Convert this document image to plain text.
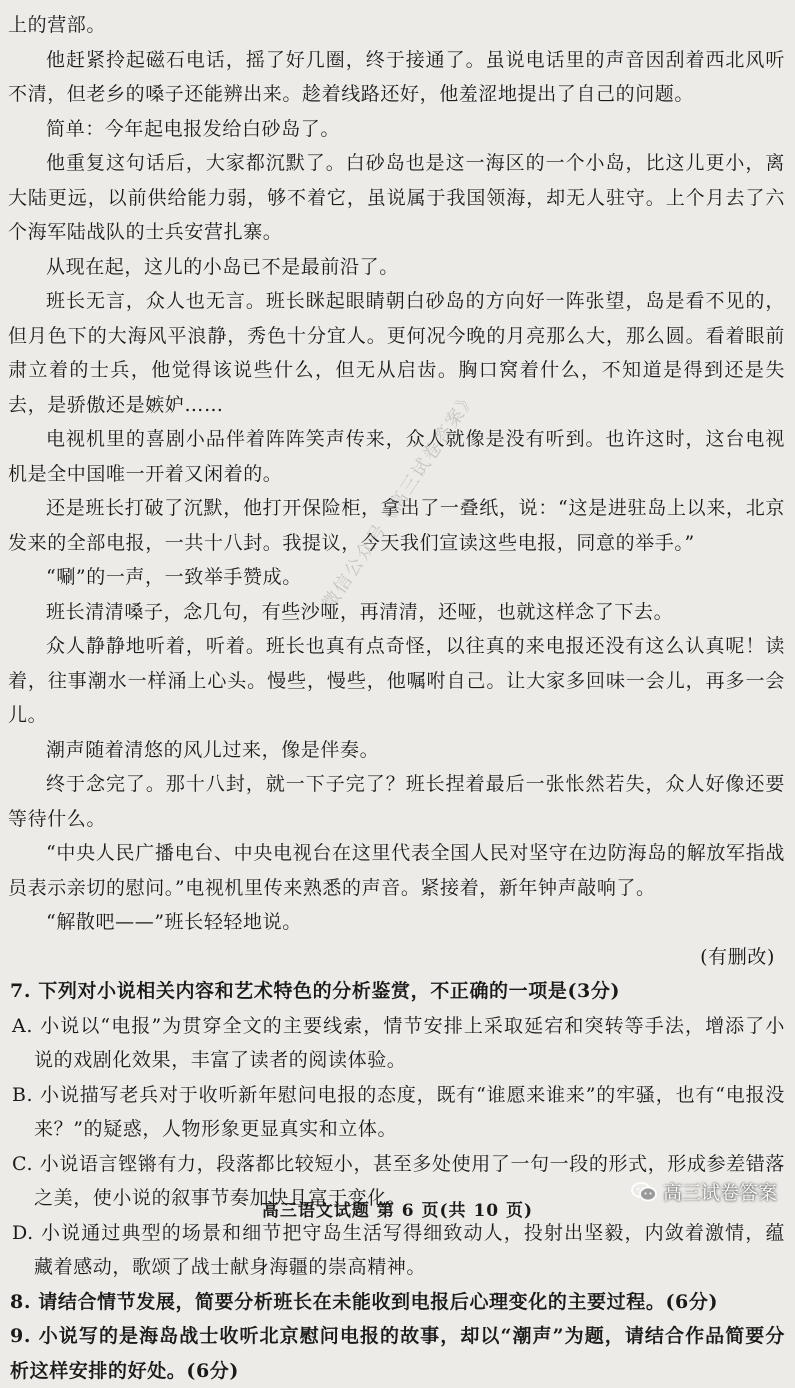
上的营部。

他赶紧拎起磁石电话，摇了好几圈，终于接通了。虽说电话里的声音因刮着西北风听不清，但老乡的嗓子还能辨出来。趁着线路还好，他羞涩地提出了自己的问题。

简单：今年起电报发给白砂岛了。

他重复这句话后，大家都沉默了。白砂岛也是这一海区的一个小岛，比这儿更小，离大陆更远，以前供给能力弱，够不着它，虽说属于我国领海，却无人驻守。上个月去了六个海军陆战队的士兵安营扎寨。

从现在起，这儿的小岛已不是最前沿了。

班长无言，众人也无言。班长眯起眼睛朝白砂岛的方向好一阵张望，岛是看不见的，但月色下的大海风平浪静，秀色十分宜人。更何况今晚的月亮那么大，那么圆。看着眼前肃立着的士兵，他觉得该说些什么，但无从启齿。胸口窝着什么，不知道是得到还是失去，是骄傲还是嫉妒……

电视机里的喜剧小品伴着阵阵笑声传来，众人就像是没有听到。也许这时，这台电视机是全中国唯一开着又闲着的。

还是班长打破了沉默，他打开保险柜，拿出了一叠纸，说：“这是进驻岛上以来，北京发来的全部电报，一共十八封。我提议，今天我们宣读这些电报，同意的举手。”

“唰”的一声，一致举手赞成。

班长清清嗓子，念几句，有些沙哑，再清清，还哑，也就这样念了下去。

众人静静地听着，听着。班长也真有点奇怪，以往真的来电报还没有这么认真呢！读着，往事潮水一样涌上心头。慢些，慢些，他嘱咐自己。让大家多回味一会儿，再多一会儿。

潮声随着清悠的风儿过来，像是伴奏。

终于念完了。那十八封，就一下子完了？班长捏着最后一张怅然若失，众人好像还要等待什么。

“中央人民广播电台、中央电视台在这里代表全国人民对坚守在边防海岛的解放军指战员表示亲切的慰问。”电视机里传来熟悉的声音。紧接着，新年钟声敲响了。

“解散吧——”班长轻轻地说。

(有删改)

7. 下列对小说相关内容和艺术特色的分析鉴赏，不正确的一项是(3分)

A. 小说以“电报”为贯穿全文的主要线索，情节安排上采取延宕和突转等手法，增添了小说的戏剧化效果，丰富了读者的阅读体验。

B. 小说描写老兵对于收听新年慰问电报的态度，既有“谁愿来谁来”的牢骚，也有“电报没来？”的疑惑，人物形象更显真实和立体。

C. 小说语言铿锵有力，段落都比较短小，甚至多处使用了一句一段的形式，形成参差错落之美，使小说的叙事节奏加快且富于变化。

D. 小说通过典型的场景和细节把守岛生活写得细致动人，投射出坚毅，内敛着激情，蕴藏着感动，歌颂了战士献身海疆的崇高精神。

8. 请结合情节发展，简要分析班长在未能收到电报后心理变化的主要过程。(6分)

9. 小说写的是海岛战士收听北京慰问电报的故事，却以“潮声”为题，请结合作品简要分析这样安排的好处。(6分)

微信公众号《高三试卷答案》
高三语文试题 第 6 页(共 10 页)
高三试卷答案
